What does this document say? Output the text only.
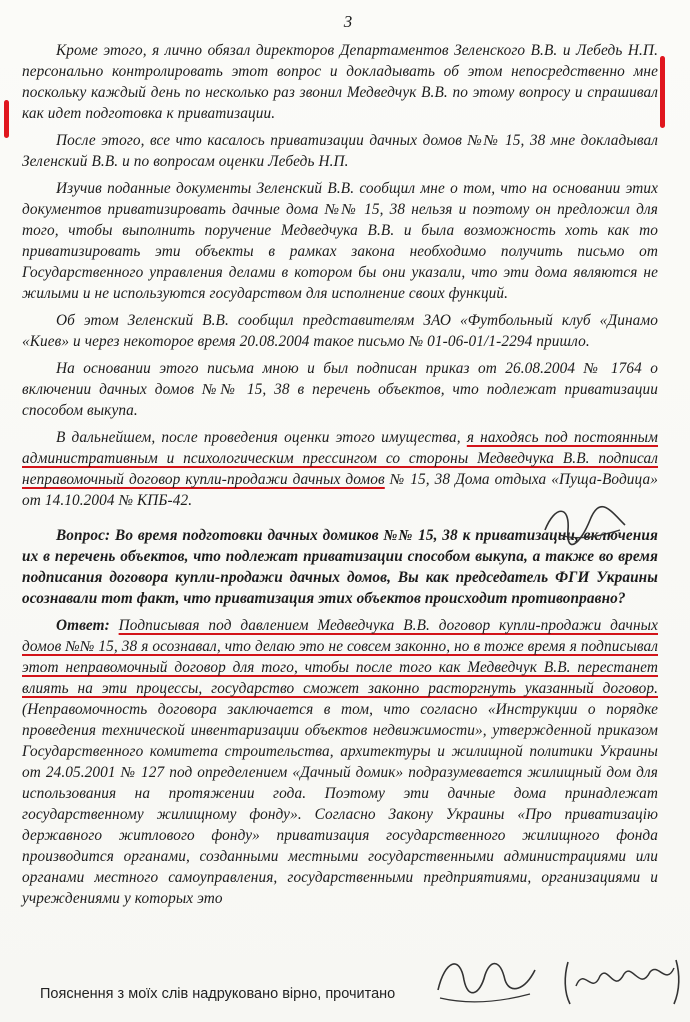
3

Кроме этого, я лично обязал директоров Департаментов Зеленского В.В. и Лебедь Н.П. персонально контролировать этот вопрос и докладывать об этом непосредственно мне поскольку каждый день по несколько раз звонил Медведчук В.В. по этому вопросу и спрашивал как идет подготовка к приватизации.

После этого, все что касалось приватизации дачных домов №№ 15, 38 мне докладывал Зеленский В.В. и по вопросам оценки Лебедь Н.П.

Изучив поданные документы Зеленский В.В. сообщил мне о том, что на основании этих документов приватизировать дачные дома №№ 15, 38 нельзя и поэтому он предложил для того, чтобы выполнить поручение Медведчука В.В. и была возможность хоть как то приватизировать эти объекты в рамках закона необходимо получить письмо от Государственного управления делами в котором бы они указали, что эти дома являются не жилыми и не используются государством для исполнение своих функций.

Об этом Зеленский В.В. сообщил представителям ЗАО «Футбольный клуб «Динамо «Киев» и через некоторое время 20.08.2004 такое письмо № 01-06-01/1-2294 пришло.

На основании этого письма мною и был подписан приказ от 26.08.2004 № 1764 о включении дачных домов №№ 15, 38 в перечень объектов, что подлежат приватизации способом выкупа.

В дальнейшем, после проведения оценки этого имущества, я находясь под постоянным административным и психологическим прессингом со стороны Медведчука В.В. подписал неправомочный договор купли-продажи дачных домов № 15, 38 Дома отдыха «Пуща-Водица» от 14.10.2004 № КПБ-42.

Вопрос: Во время подготовки дачных домиков №№ 15, 38 к приватизации, включения их в перечень объектов, что подлежат приватизации способом выкупа, а также во время подписания договора купли-продажи дачных домов, Вы как председатель ФГИ Украины осознавали тот факт, что приватизация этих объектов происходит противоправно?

Ответ: Подписывая под давлением Медведчука В.В. договор купли-продажи дачных домов №№ 15, 38 я осознавал, что делаю это не совсем законно, но в тоже время я подписывал этот неправомочный договор для того, чтобы после того как Медведчук В.В. перестанет влиять на эти процессы, государство сможет законно расторгнуть указанный договор. (Неправомочность договора заключается в том, что согласно «Инструкции о порядке проведения технической инвентаризации объектов недвижимости», утвержденной приказом Государственного комитета строительства, архитектуры и жилищной политики Украины от 24.05.2001 № 127 под определением «Дачный домик» подразумевается жилищный дом для использования на протяжении года. Поэтому эти дачные дома принадлежат государственному жилищному фонду». Согласно Закону Украины «Про приватизацію державного житлового фонду» приватизация государственного жилищного фонда производится органами, созданными местными государственными администрациями или органами местного самоуправления, государственными предприятиями, организациями и учреждениями у которых это

Пояснення з моїх слів надруковано вірно, прочитано
